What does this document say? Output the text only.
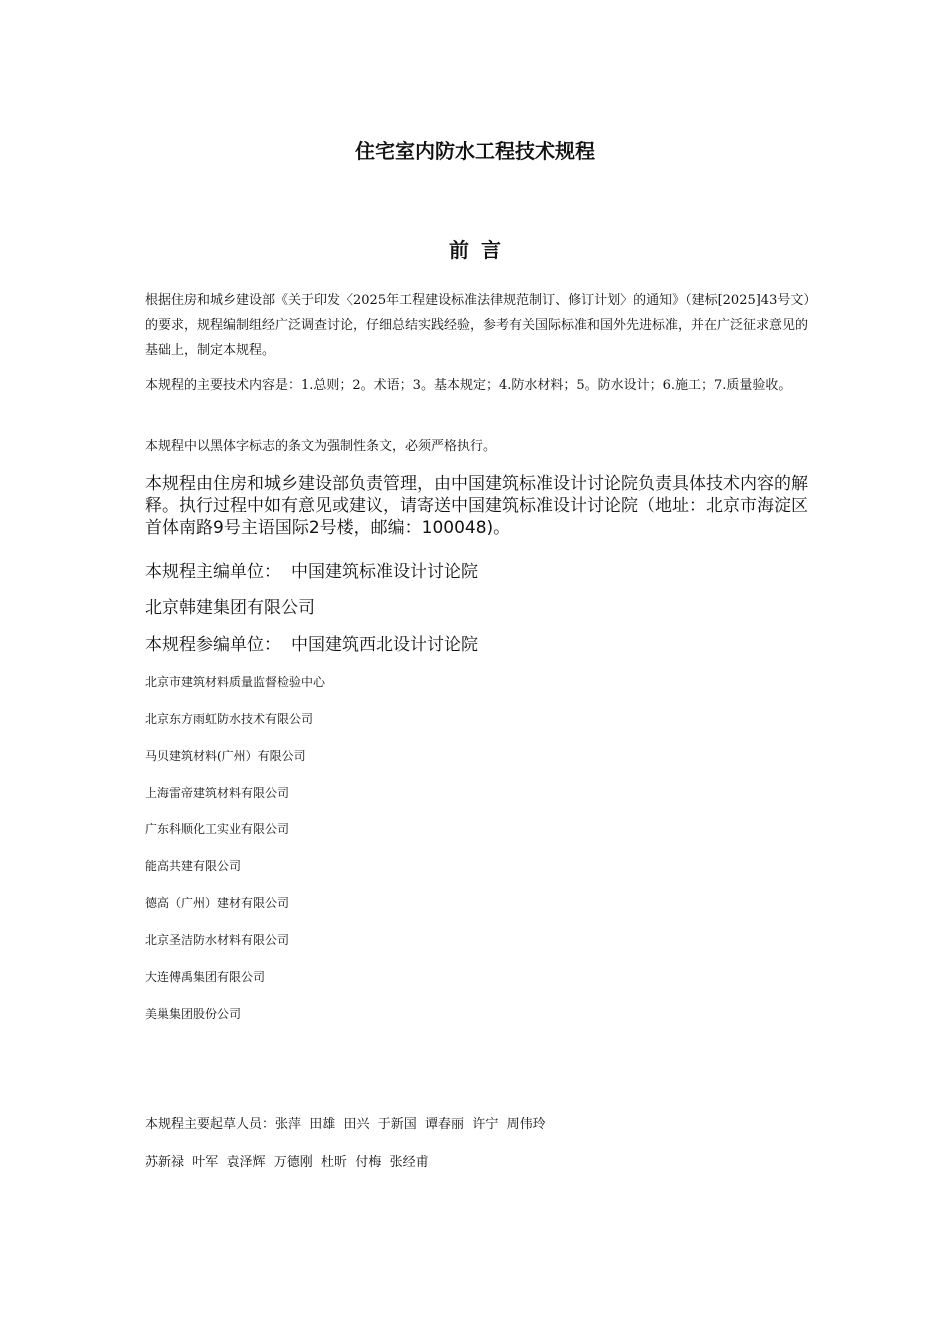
住宅室内防水工程技术规程
前言

根据住房和城乡建设部《关于印发〈2025年工程建设标准法律规范制订、修订计划〉的通知》（建标[2025]43号文）的要求，规程编制组经广泛调查讨论，仔细总结实践经验，参考有关国际标准和国外先进标准，并在广泛征求意见的基础上，制定本规程。

本规程的主要技术内容是：1.总则；2。术语；3。基本规定；4.防水材料；5。防水设计；6.施工；7.质量验收。

本规程中以黑体字标志的条文为强制性条文，必须严格执行。

本规程由住房和城乡建设部负责管理，由中国建筑标准设计讨论院负责具体技术内容的解释。执行过程中如有意见或建议，请寄送中国建筑标准设计讨论院（地址：北京市海淀区首体南路9号主语国际2号楼，邮编：100048)。

本规程主编单位： 中国建筑标准设计讨论院

北京韩建集团有限公司

本规程参编单位： 中国建筑西北设计讨论院

北京市建筑材料质量监督检验中心

北京东方雨虹防水技术有限公司

马贝建筑材料(广州）有限公司

上海雷帝建筑材料有限公司

广东科顺化工实业有限公司

能高共建有限公司

德高（广州）建材有限公司

北京圣洁防水材料有限公司

大连傅禹集团有限公司

美巢集团股份公司

本规程主要起草人员：张萍  田雄  田兴  于新国  谭春丽  许宁  周伟玲

苏新禄  叶军  袁泽辉  万德刚  杜昕  付梅  张经甫
